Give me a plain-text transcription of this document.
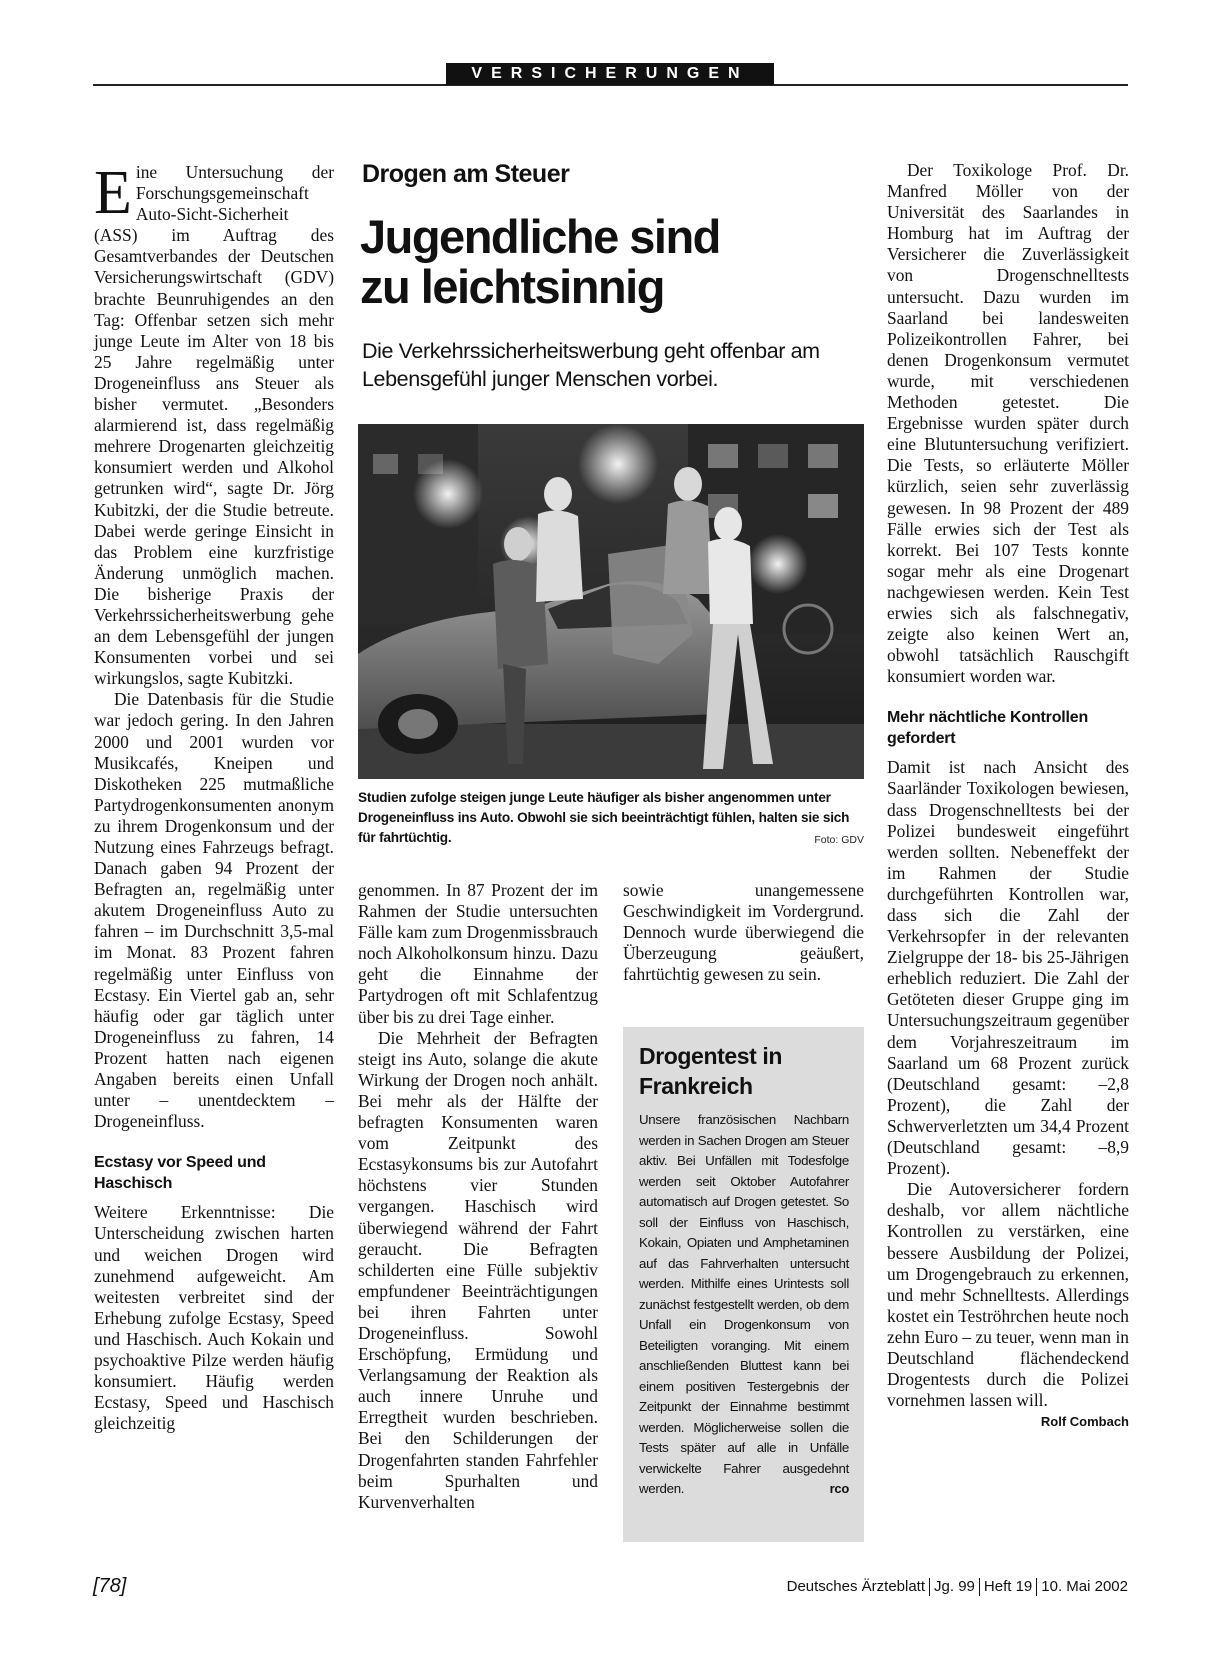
VERSICHERUNGEN

Eine Untersuchung der Forschungsgemeinschaft Auto-Sicht-Sicherheit (ASS) im Auftrag des Gesamtverbandes der Deutschen Versicherungswirtschaft (GDV) brachte Beunruhigendes an den Tag: Offenbar setzen sich mehr junge Leute im Alter von 18 bis 25 Jahre regelmäßig unter Drogeneinfluss ans Steuer als bisher vermutet. „Besonders alarmierend ist, dass regelmäßig mehrere Drogenarten gleichzeitig konsumiert werden und Alkohol getrunken wird“, sagte Dr. Jörg Kubitzki, der die Studie betreute. Dabei werde geringe Einsicht in das Problem eine kurzfristige Änderung unmöglich machen. Die bisherige Praxis der Verkehrssicherheitswerbung gehe an dem Lebensgefühl der jungen Konsumenten vorbei und sei wirkungslos, sagte Kubitzki.

Die Datenbasis für die Studie war jedoch gering. In den Jahren 2000 und 2001 wurden vor Musikcafés, Kneipen und Diskotheken 225 mutmaßliche Partydrogenkonsumenten anonym zu ihrem Drogenkonsum und der Nutzung eines Fahrzeugs befragt. Danach gaben 94 Prozent der Befragten an, regelmäßig unter akutem Drogeneinfluss Auto zu fahren – im Durchschnitt 3,5-mal im Monat. 83 Prozent fahren regelmäßig unter Einfluss von Ecstasy. Ein Viertel gab an, sehr häufig oder gar täglich unter Drogeneinfluss zu fahren, 14 Prozent hatten nach eigenen Angaben bereits einen Unfall unter – unentdecktem – Drogeneinfluss.

Ecstasy vor Speed und Haschisch

Weitere Erkenntnisse: Die Unterscheidung zwischen harten und weichen Drogen wird zunehmend aufgeweicht. Am weitesten verbreitet sind der Erhebung zufolge Ecstasy, Speed und Haschisch. Auch Kokain und psychoaktive Pilze werden häufig konsumiert. Häufig werden Ecstasy, Speed und Haschisch gleichzeitig

Drogen am Steuer
Jugendliche sind
zu leichtsinnig
Die Verkehrssicherheitswerbung geht offenbar am Lebensgefühl junger Menschen vorbei.
Studien zufolge steigen junge Leute häufiger als bisher angenommen unter Drogeneinfluss ins Auto. Obwohl sie sich beeinträchtigt fühlen, halten sie sich für fahrtüchtig.	Foto: GDV

genommen. In 87 Prozent der im Rahmen der Studie untersuchten Fälle kam zum Drogenmissbrauch noch Alkoholkonsum hinzu. Dazu geht die Einnahme der Partydrogen oft mit Schlafentzug über bis zu drei Tage einher.

Die Mehrheit der Befragten steigt ins Auto, solange die akute Wirkung der Drogen noch anhält. Bei mehr als der Hälfte der befragten Konsumenten waren vom Zeitpunkt des Ecstasykonsums bis zur Autofahrt höchstens vier Stunden vergangen. Haschisch wird überwiegend während der Fahrt geraucht. Die Befragten schilderten eine Fülle subjektiv empfundener Beeinträchtigungen bei ihren Fahrten unter Drogeneinfluss. Sowohl Erschöpfung, Ermüdung und Verlangsamung der Reaktion als auch innere Unruhe und Erregtheit wurden beschrieben. Bei den Schilderungen der Drogenfahrten standen Fahrfehler beim Spurhalten und Kurvenverhalten

sowie unangemessene Geschwindigkeit im Vordergrund. Dennoch wurde überwiegend die Überzeugung geäußert, fahrtüchtig gewesen zu sein.

Drogentest in Frankreich
Unsere französischen Nachbarn werden in Sachen Drogen am Steuer aktiv. Bei Unfällen mit Todesfolge werden seit Oktober Autofahrer automatisch auf Drogen getestet. So soll der Einfluss von Haschisch, Kokain, Opiaten und Amphetaminen auf das Fahrverhalten untersucht werden. Mithilfe eines Urintests soll zunächst festgestellt werden, ob dem Unfall ein Drogenkonsum von Beteiligten voranging. Mit einem anschließenden Bluttest kann bei einem positiven Testergebnis der Zeitpunkt der Einnahme bestimmt werden. Möglicherweise sollen die Tests später auf alle in Unfälle verwickelte Fahrer ausgedehnt werden.	rco

Der Toxikologe Prof. Dr. Manfred Möller von der Universität des Saarlandes in Homburg hat im Auftrag der Versicherer die Zuverlässigkeit von Drogenschnelltests untersucht. Dazu wurden im Saarland bei landesweiten Polizeikontrollen Fahrer, bei denen Drogenkonsum vermutet wurde, mit verschiedenen Methoden getestet. Die Ergebnisse wurden später durch eine Blutuntersuchung verifiziert. Die Tests, so erläuterte Möller kürzlich, seien sehr zuverlässig gewesen. In 98 Prozent der 489 Fälle erwies sich der Test als korrekt. Bei 107 Tests konnte sogar mehr als eine Drogenart nachgewiesen werden. Kein Test erwies sich als falschnegativ, zeigte also keinen Wert an, obwohl tatsächlich Rauschgift konsumiert worden war.

Mehr nächtliche Kontrollen gefordert

Damit ist nach Ansicht des Saarländer Toxikologen bewiesen, dass Drogenschnelltests bei der Polizei bundesweit eingeführt werden sollten. Nebeneffekt der im Rahmen der Studie durchgeführten Kontrollen war, dass sich die Zahl der Verkehrsopfer in der relevanten Zielgruppe der 18- bis 25-Jährigen erheblich reduziert. Die Zahl der Getöteten dieser Gruppe ging im Untersuchungszeitraum gegenüber dem Vorjahreszeitraum im Saarland um 68 Prozent zurück (Deutschland gesamt: –2,8 Prozent), die Zahl der Schwerverletzten um 34,4 Prozent (Deutschland gesamt: –8,9 Prozent).

Die Autoversicherer fordern deshalb, vor allem nächtliche Kontrollen zu verstärken, eine bessere Ausbildung der Polizei, um Drogengebrauch zu erkennen, und mehr Schnelltests. Allerdings kostet ein Teströhrchen heute noch zehn Euro – zu teuer, wenn man in Deutschland flächendeckend Drogentests durch die Polizei vornehmen lassen will.
Rolf Combach

[78]	Deutsches Ärzteblatt Jg. 99 Heft 19 10. Mai 2002
